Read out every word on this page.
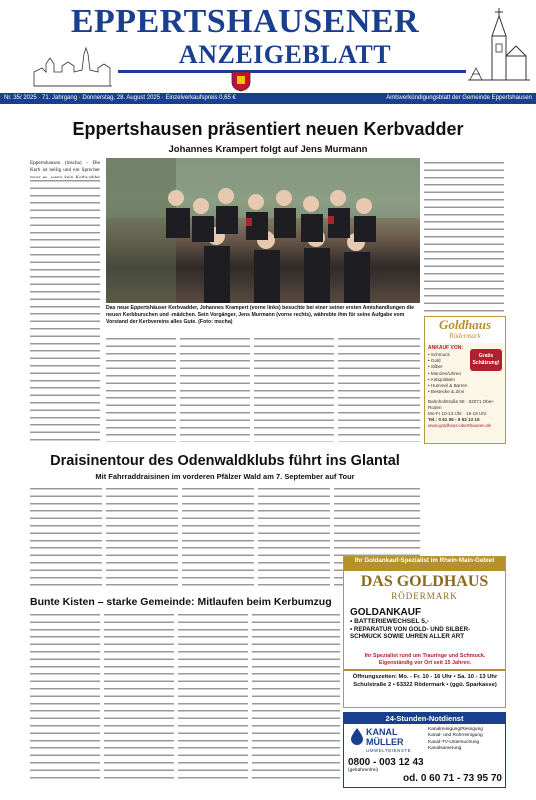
EPPERTSHAUSENER
ANZEIGEBLATT
Nr. 35/ 2025 · 71. Jahrgang · Donnerstag, 28. August 2025 · Einzelverkaufspreis 0,65 €	Amtsverkündigungsblatt der Gemeinde Eppertshausen
Eppertshausen präsentiert neuen Kerbvadder
Johannes Krampert folgt auf Jens Murmann
Eppertshausen (mscha) - Die Kerb ist heilig und ein Sprecher
Das neue Eppertshäuser Kerbvadder, Johannes Krampert (vorne links) besuchte bei einer seiner ersten Amtshandlungen die neuen Kerbburschen und -mädchen. Sein Vorgänger, Jens Murmann (vorne rechts), währebte ihm für seine Aufgabe vom Vorstand der Kerbvereins alles Gute. (Foto: mscha)	Goldhaus
Rödermark
ANKAUF VON:
• Schmuck
• Gold
• Silber
• Münzen/Uhren
• Antiquitäten
• Hummel & Barren
• Bestecke & Zinn
Gratis Schätzung!
Bahnhofstraße 58 · 63071 Ober-Roden
Mo-Fr 10-13 Uhr · 15-18 Uhr
Tel.: 0 61 06 - 9 53 13 15
www.goldhaus-oberthausen.de
Draisinentour des Odenwaldklubs führt ins Glantal
Mit Fahrraddraisinen im vorderen Pfälzer Wald am 7. September auf Tour
Ihr Goldankauf-Spezialist im Rhein-Main-Gebiet
DAS GOLDHAUS
RÖDERMARK
GOLDANKAUF
• BATTERIEWECHSEL 5,-
• REPARATUR VON GOLD- UND SILBER-SCHMUCK SOWIE UHREN ALLER ART
Ihr Spezialist rund um Trauringe und Schmuck. Eigenständig vor Ort seit 15 Jahren.
Öffnungszeiten: Mo. - Fr. 10 - 16 Uhr • Sa. 10 - 13 Uhr
Schulstraße 2 • 63322 Rödermark • (ggü. Sparkasse)
Bunte Kisten – starke Gemeinde: Mitlaufen beim Kerbumzug
24-Stunden-Notdienst
KANAL MÜLLER
UMWELTDIENSTE
Kanalreinigung/Reinigung
Kanal- und Rohrreinigung
Kanal-TV-Untersuchung
Kanalsanierung
0800 - 003 12 43
(gebührenfrei)
od. 0 60 71 - 73 95 70
